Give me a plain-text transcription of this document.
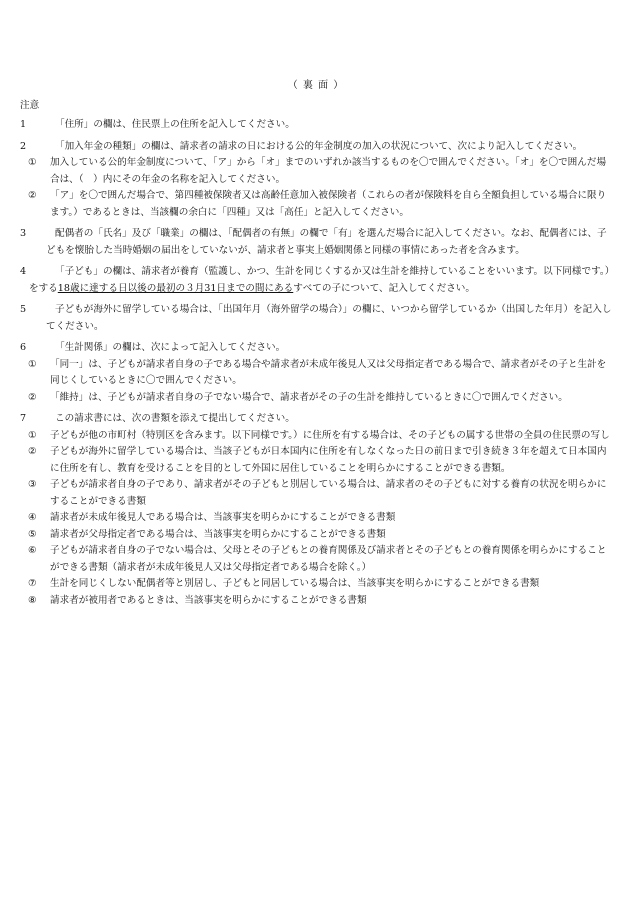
（ 裏 面 ）
注意
1	「住所」の欄は、住民票上の住所を記入してください。
2	「加入年金の種類」の欄は、請求者の請求の日における公的年金制度の加入の状況について、次により記入してください。
①	加入している公的年金制度について、「ア」から「オ」までのいずれか該当するものを〇で囲んでください。「オ」を〇で囲んだ場合は、（　）内にその年金の名称を記入してください。
②	「ア」を〇で囲んだ場合で、第四種被保険者又は高齢任意加入被保険者（これらの者が保険料を自ら全額負担している場合に限ります。）であるときは、当該欄の余白に「四種」又は「高任」と記入してください。
3	配偶者の「氏名」及び「職業」の欄は、「配偶者の有無」の欄で「有」を選んだ場合に記入してください。なお、配偶者には、子どもを懐胎した当時婚姻の届出をしていないが、請求者と事実上婚姻関係と同様の事情にあった者を含みます。
4	「子ども」の欄は、請求者が養育（監護し、かつ、生計を同じくするか又は生計を維持していることをいいます。以下同様です。）
をする18歳に達する日以後の最初の３月31日までの間にあるすべての子について、記入してください。
5	子どもが海外に留学している場合は、「出国年月（海外留学の場合）」の欄に、いつから留学しているか（出国した年月）を記入してください。
6	「生計関係」の欄は、次によって記入してください。
①	「同一」は、子どもが請求者自身の子である場合や請求者が未成年後見人又は父母指定者である場合で、請求者がその子と生計を同じくしているときに〇で囲んでください。
②	「維持」は、子どもが請求者自身の子でない場合で、請求者がその子の生計を維持しているときに〇で囲んでください。
7	この請求書には、次の書類を添えて提出してください。
①	子どもが他の市町村（特別区を含みます。以下同様です。）に住所を有する場合は、その子どもの属する世帯の全員の住民票の写し
②	子どもが海外に留学している場合は、当該子どもが日本国内に住所を有しなくなった日の前日まで引き続き３年を超えて日本国内に住所を有し、教育を受けることを目的として外国に居住していることを明らかにすることができる書類。
③	子どもが請求者自身の子であり、請求者がその子どもと別居している場合は、請求者のその子どもに対する養育の状況を明らかにすることができる書類
④	請求者が未成年後見人である場合は、当該事実を明らかにすることができる書類
⑤	請求者が父母指定者である場合は、当該事実を明らかにすることができる書類
⑥	子どもが請求者自身の子でない場合は、父母とその子どもとの養育関係及び請求者とその子どもとの養育関係を明らかにすることができる書類（請求者が未成年後見人又は父母指定者である場合を除く。）
⑦	生計を同じくしない配偶者等と別居し、子どもと同居している場合は、当該事実を明らかにすることができる書類
⑧	請求者が被用者であるときは、当該事実を明らかにすることができる書類
